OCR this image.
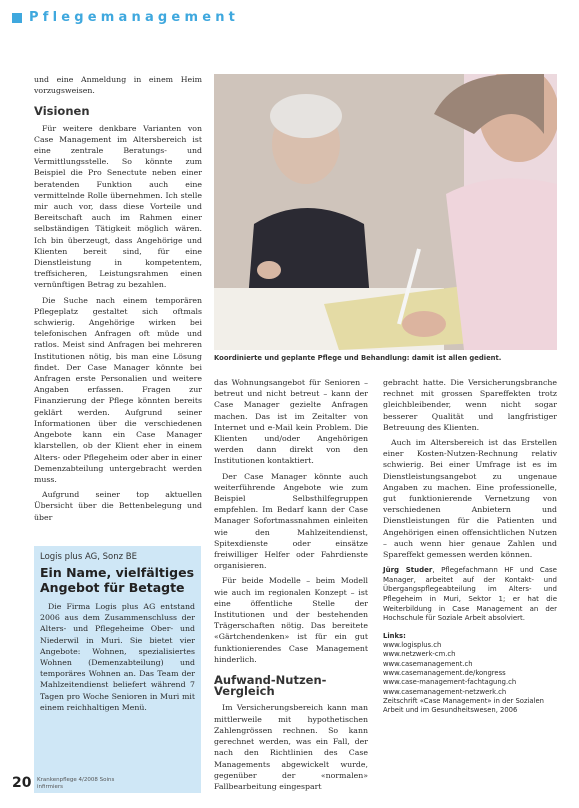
Pflegemanagement

und eine Anmeldung in einem Heim vorzugsweisen.

Visionen

Für weitere denkbare Varianten von Case Management im Altersbereich ist eine zentrale Beratungs- und Vermittlungsstelle. So könnte zum Beispiel die Pro Senectute neben einer beratenden Funktion auch eine vermittelnde Rolle übernehmen. Ich stelle mir auch vor, dass diese Vorteile und Bereitschaft auch im Rahmen einer selbständigen Tätigkeit möglich wären. Ich bin überzeugt, dass Angehörige und Klienten bereit sind, für eine Dienstleistung in kompetentem, treffsicheren, Leistungsrahmen einen vernünftigen Betrag zu bezahlen.

Die Suche nach einem temporären Pflegeplatz gestaltet sich oftmals schwierig. Angehörige wirken bei telefonischen Anfragen oft müde und ratlos. Meist sind Anfragen bei mehreren Institutionen nötig, bis man eine Lösung findet. Der Case Manager könnte bei Anfragen erste Personalien und weitere Angaben erfassen. Fragen zur Finanzierung der Pflege könnten bereits geklärt werden. Aufgrund seiner Informationen über die verschiedenen Angebote kann ein Case Manager klarstellen, ob der Klient eher in einem Alters- oder Pflegeheim oder aber in einer Demenzabteilung untergebracht werden muss.

Aufgrund seiner top aktuellen Übersicht über die Bettenbelegung und über

Koordinierte und geplante Pflege und Behandlung: damit ist allen gedient.

das Wohnungsangebot für Senioren – betreut und nicht betreut – kann der Case Manager gezielte Anfragen machen. Das ist im Zeitalter von Internet und e-Mail kein Problem. Die Klienten und/oder Angehörigen werden dann direkt von den Institutionen kontaktiert.

Der Case Manager könnte auch weiterführende Angebote wie zum Beispiel Selbsthilfegruppen empfehlen. Im Bedarf kann der Case Manager Sofortmassnahmen einleiten wie den Mahlzeitendienst, Spitexdienste oder einsätze freiwilliger Helfer oder Fahrdienste organisieren.

Für beide Modelle – beim Modell wie auch im regionalen Konzept – ist eine öffentliche Stelle der Institutionen und der bestehenden Trägerschaften nötig. Das bereitete «Gärtchendenken» ist für ein gut funktionierendes Case Management hinderlich.

Aufwand-Nutzen-Vergleich

Im Versicherungsbereich kann man mittlerweile mit hypothetischen Zahlengrössen rechnen. So kann gerechnet werden, was ein Fall, der nach den Richtlinien des Case Managements abgewickelt wurde, gegenüber der «normalen» Fallbearbeitung eingespart

gebracht hatte. Die Versicherungsbranche rechnet mit grossen Spareffekten trotz gleichbleibender, wenn nicht sogar besserer Qualität und langfristiger Betreuung des Klienten.

Auch im Altersbereich ist das Erstellen einer Kosten-Nutzen-Rechnung relativ schwierig. Bei einer Umfrage ist es im Dienstleistungsangebot zu ungenaue Angaben zu machen. Eine professionelle, gut funktionierende Vernetzung von verschiedenen Anbietern und Dienstleistungen für die Patienten und Angehörigen einen offensichtlichen Nutzen – auch wenn hier genaue Zahlen und Spareffekt gemessen werden können.

Jürg Studer, Pflegefachmann HF und Case Manager, arbeitet auf der Kontakt- und Übergangspflegeabteilung im Alters- und Pflegeheim in Muri, Sektor 1; er hat die Weiterbildung in Case Management an der Hochschule für Soziale Arbeit absolviert.
Links:
www.logisplus.ch
www.netzwerk-cm.ch
www.casemanagement.ch
www.casemanagement.de/kongress
www.case-management-fachtagung.ch
www.casemanagement-netzwerk.ch
Zeitschrift «Case Management» in der Sozialen Arbeit und im Gesundheitswesen, 2006
Logis plus AG, Sonz BE
Ein Name, vielfältiges Angebot für Betagte

Die Firma Logis plus AG entstand 2006 aus dem Zusammenschluss der Alters- und Pflegeheime Ober- und Niederwil in Muri. Sie bietet vier Angebote: Wohnen, spezialisiertes Wohnen (Demenzabteilung) und temporäres Wohnen an. Das Team der Mahlzeitendienst beliefert während 7 Tagen pro Woche Senioren in Muri mit einem reichhaltigen Menü.

20 Krankenpflege 4/2008 Soins infirmiers
